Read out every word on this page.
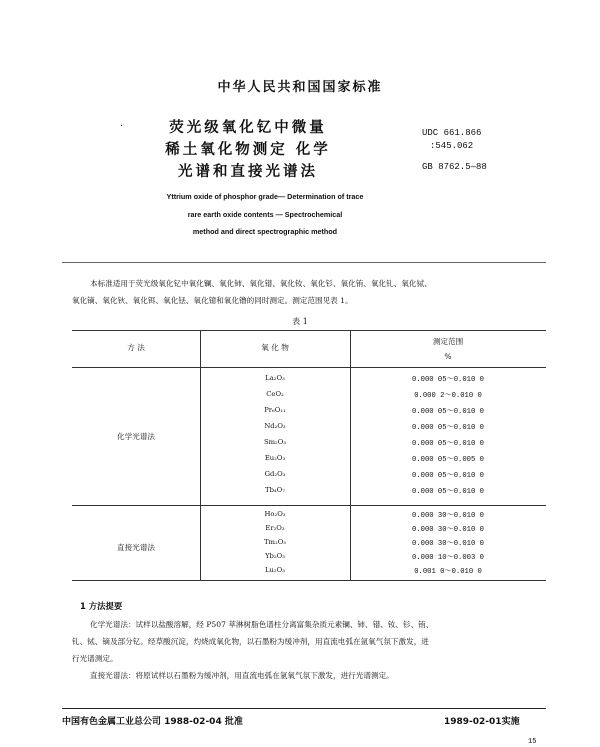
中华人民共和国国家标准
·	荧光级氧化钇中微量
稀土氧化物测定 化学
光谱和直接光谱法
UDC 661.866
:545.062
GB 8762.5—88
Yttrium oxide of phosphor grade— Determination of trace
rare earth oxide contents — Spectrochemical
method and direct spectrographic method
本标准适用于荧光级氧化钇中氧化镧、氧化铈、氧化镨、氧化钕、氧化钐、氧化铕、氧化钆、氧化铽、
氧化镝、氧化钬、氧化铒、氧化铥、氧化镱和氧化镥的同时测定。测定范围见表 1。
表 1
方 法	氧 化 物
测定范围
%
化学光谱法
La₂O₃	0.000 05～0.010 0
CeO₂	0.000 2～0.010 0
Pr₆O₁₁	0.000 05～0.010 0
Nd₂O₃	0.000 05～0.010 0
Sm₂O₃	0.000 05～0.010 0
Eu₂O₃	0.000 05～0.005 0
Gd₂O₃	0.000 05～0.010 0
Tb₄O₇	0.000 05～0.010 0
直接光谱法
Ho₂O₃	0.000 30～0.010 0
Er₂O₃	0.000 30～0.010 0
Tm₂O₃	0.000 30～0.010 0
Yb₂O₃	0.000 10～0.003 0
Lu₂O₃	0.001 0～0.010 0
1 方法提要
化学光谱法：试样以盐酸溶解，经 P507 萃淋树脂色谱柱分离富集杂质元素镧、铈、镨、钕、钐、铕、
钆、铽、镝及部分钇。经草酸沉淀，灼烧成氧化物，以石墨粉为缓冲剂，用直流电弧在氩氧气氛下激发，进
行光谱测定。
直接光谱法：将原试样以石墨粉为缓冲剂，用直流电弧在氩氧气氛下激发，进行光谱测定。
中国有色金属工业总公司 1988-02-04 批准	1989-02-01实施
15
